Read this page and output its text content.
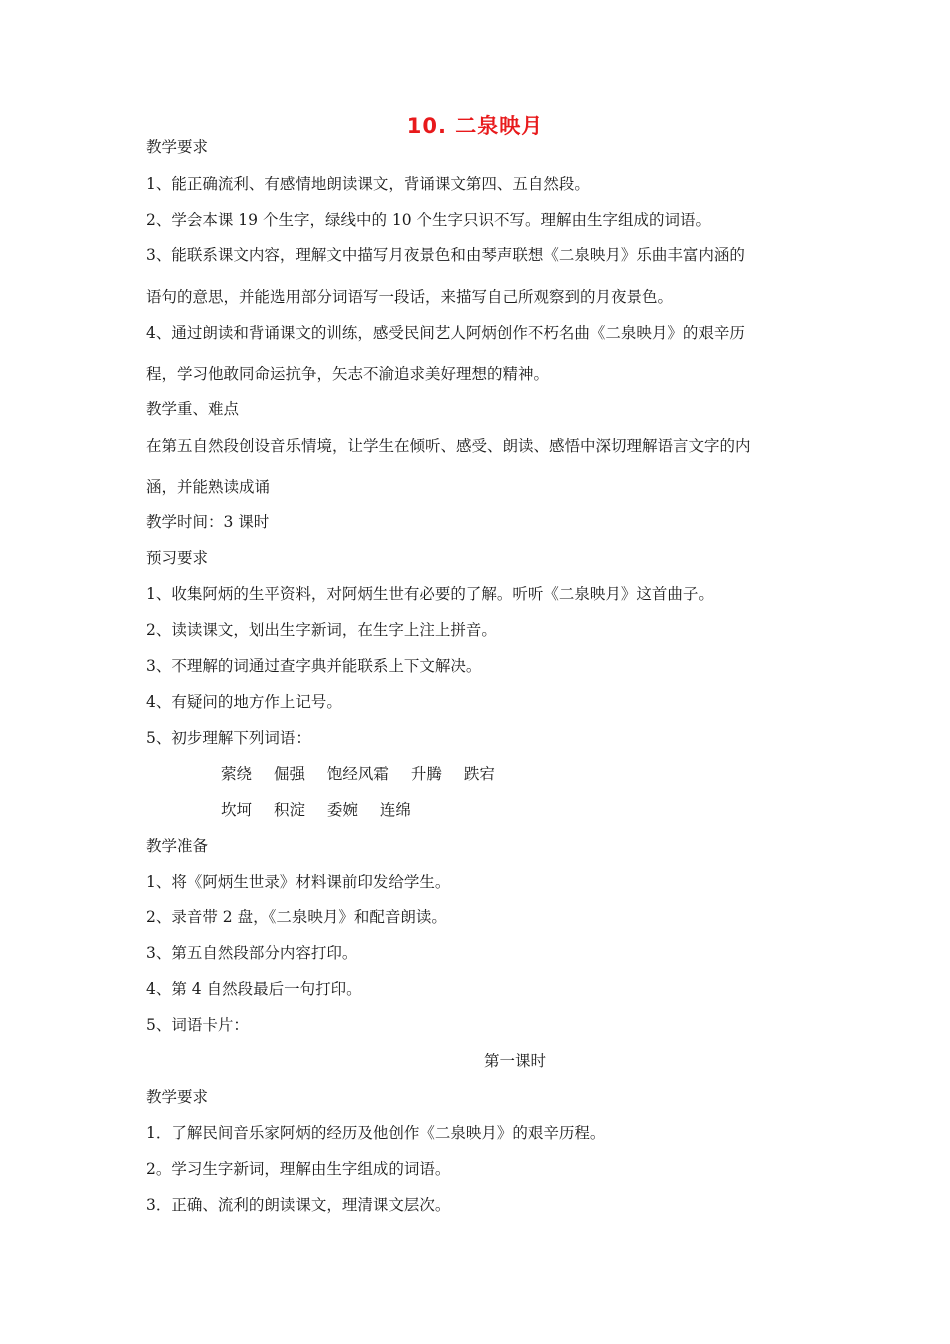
10. 二泉映月
教学要求
1、能正确流利、有感情地朗读课文，背诵课文第四、五自然段。
2、学会本课 19 个生字，绿线中的 10 个生字只识不写。理解由生字组成的词语。
3、能联系课文内容，理解文中描写月夜景色和由琴声联想《二泉映月》乐曲丰富内涵的
语句的意思，并能选用部分词语写一段话，来描写自己所观察到的月夜景色。
4、通过朗读和背诵课文的训练，感受民间艺人阿炳创作不朽名曲《二泉映月》的艰辛历
程，学习他敢同命运抗争，矢志不渝追求美好理想的精神。
教学重、难点
在第五自然段创设音乐情境，让学生在倾听、感受、朗读、感悟中深切理解语言文字的内
涵，并能熟读成诵
教学时间：3 课时
预习要求
1、收集阿炳的生平资料，对阿炳生世有必要的了解。听听《二泉映月》这首曲子。
2、读读课文，划出生字新词，在生字上注上拼音。
3、不理解的词通过查字典并能联系上下文解决。
4、有疑问的地方作上记号。
5、初步理解下列词语：
萦绕 倔强 饱经风霜 升腾 跌宕
坎坷 积淀 委婉 连绵
教学准备
1、将《阿炳生世录》材料课前印发给学生。
2、录音带 2 盘，《二泉映月》和配音朗读。
3、第五自然段部分内容打印。
4、第 4 自然段最后一句打印。
5、词语卡片：
第一课时
教学要求
1．了解民间音乐家阿炳的经历及他创作《二泉映月》的艰辛历程。
2。学习生字新词，理解由生字组成的词语。
3．正确、流利的朗读课文，理清课文层次。
